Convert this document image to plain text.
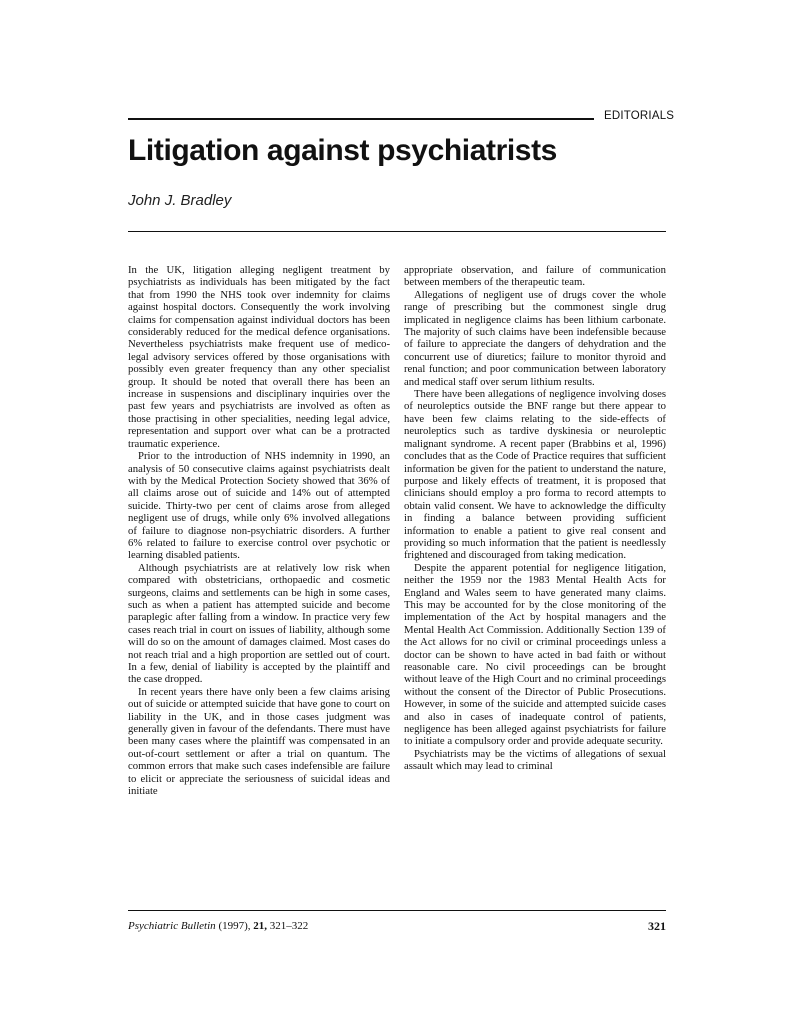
EDITORIALS
Litigation against psychiatrists
John J. Bradley

In the UK, litigation alleging negligent treatment by psychiatrists as individuals has been mitigated by the fact that from 1990 the NHS took over indemnity for claims against hospital doctors. Consequently the work involving claims for compensation against individual doctors has been considerably reduced for the medical defence organisations. Nevertheless psychiatrists make frequent use of medico-legal advisory services offered by those organisations with possibly even greater frequency than any other specialist group. It should be noted that overall there has been an increase in suspensions and disciplinary inquiries over the past few years and psychiatrists are involved as often as those practising in other specialities, needing legal advice, representation and support over what can be a protracted traumatic experience.

Prior to the introduction of NHS indemnity in 1990, an analysis of 50 consecutive claims against psychiatrists dealt with by the Medical Protection Society showed that 36% of all claims arose out of suicide and 14% out of attempted suicide. Thirty-two per cent of claims arose from alleged negligent use of drugs, while only 6% involved allegations of failure to diagnose non-psychiatric disorders. A further 6% related to failure to exercise control over psychotic or learning disabled patients.

Although psychiatrists are at relatively low risk when compared with obstetricians, orthopaedic and cosmetic surgeons, claims and settlements can be high in some cases, such as when a patient has attempted suicide and become paraplegic after falling from a window. In practice very few cases reach trial in court on issues of liability, although some will do so on the amount of damages claimed. Most cases do not reach trial and a high proportion are settled out of court. In a few, denial of liability is accepted by the plaintiff and the case dropped.

In recent years there have only been a few claims arising out of suicide or attempted suicide that have gone to court on liability in the UK, and in those cases judgment was generally given in favour of the defendants. There must have been many cases where the plaintiff was compensated in an out-of-court settlement or after a trial on quantum. The common errors that make such cases indefensible are failure to elicit or appreciate the seriousness of suicidal ideas and initiate

appropriate observation, and failure of communication between members of the therapeutic team.

Allegations of negligent use of drugs cover the whole range of prescribing but the commonest single drug implicated in negligence claims has been lithium carbonate. The majority of such claims have been indefensible because of failure to appreciate the dangers of dehydration and the concurrent use of diuretics; failure to monitor thyroid and renal function; and poor communication between laboratory and medical staff over serum lithium results.

There have been allegations of negligence involving doses of neuroleptics outside the BNF range but there appear to have been few claims relating to the side-effects of neuroleptics such as tardive dyskinesia or neuroleptic malignant syndrome. A recent paper (Brabbins et al, 1996) concludes that as the Code of Practice requires that sufficient information be given for the patient to understand the nature, purpose and likely effects of treatment, it is proposed that clinicians should employ a pro forma to record attempts to obtain valid consent. We have to acknowledge the difficulty in finding a balance between providing sufficient information to enable a patient to give real consent and providing so much information that the patient is needlessly frightened and discouraged from taking medication.

Despite the apparent potential for negligence litigation, neither the 1959 nor the 1983 Mental Health Acts for England and Wales seem to have generated many claims. This may be accounted for by the close monitoring of the implementation of the Act by hospital managers and the Mental Health Act Commission. Additionally Section 139 of the Act allows for no civil or criminal proceedings unless a doctor can be shown to have acted in bad faith or without reasonable care. No civil proceedings can be brought without leave of the High Court and no criminal proceedings without the consent of the Director of Public Prosecutions. However, in some of the suicide and attempted suicide cases and also in cases of inadequate control of patients, negligence has been alleged against psychiatrists for failure to initiate a compulsory order and provide adequate security.

Psychiatrists may be the victims of allegations of sexual assault which may lead to criminal

Psychiatric Bulletin (1997), 21, 321–322	321
